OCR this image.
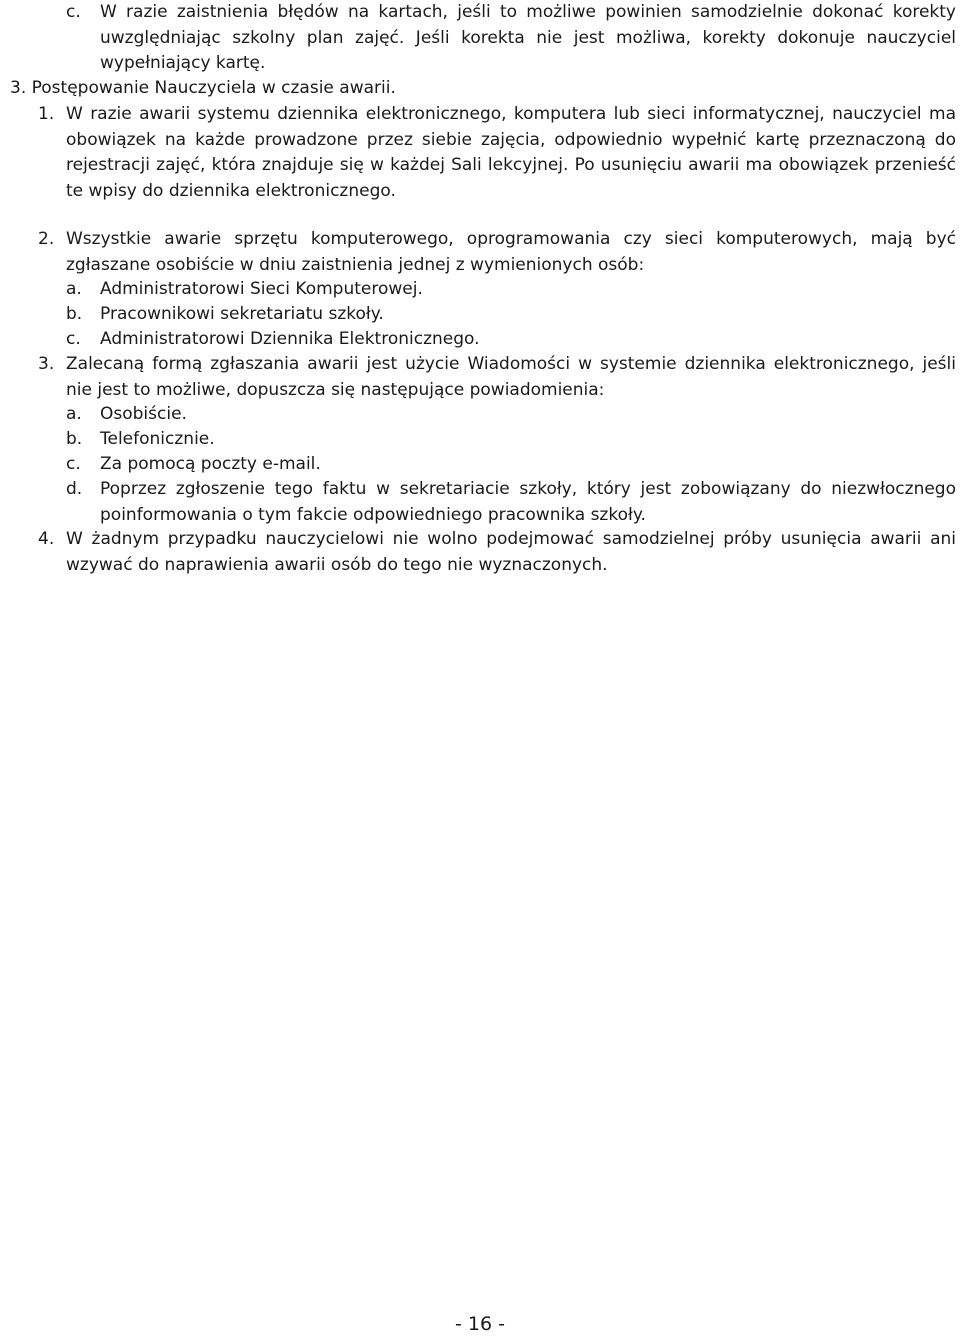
c. W razie zaistnienia błędów na kartach, jeśli to możliwe powinien samodzielnie dokonać korekty uwzględniając szkolny plan zajęć. Jeśli korekta nie jest możliwa, korekty dokonuje nauczyciel wypełniający kartę.
3. Postępowanie Nauczyciela w czasie awarii.
1. W razie awarii systemu dziennika elektronicznego, komputera lub sieci informatycznej, nauczyciel ma obowiązek na każde prowadzone przez siebie zajęcia, odpowiednio wypełnić kartę przeznaczoną do rejestracji zajęć, która znajduje się w każdej Sali lekcyjnej. Po usunięciu awarii ma obowiązek przenieść te wpisy do dziennika elektronicznego.
2. Wszystkie awarie sprzętu komputerowego, oprogramowania czy sieci komputerowych, mają być zgłaszane osobiście w dniu zaistnienia jednej z wymienionych osób:
a. Administratorowi Sieci Komputerowej.
b. Pracownikowi sekretariatu szkoły.
c. Administratorowi Dziennika Elektronicznego.
3. Zalecaną formą zgłaszania awarii jest użycie Wiadomości w systemie dziennika elektronicznego, jeśli nie jest to możliwe, dopuszcza się następujące powiadomienia:
a. Osobiście.
b. Telefonicznie.
c. Za pomocą poczty e-mail.
d. Poprzez zgłoszenie tego faktu w sekretariacie szkoły, który jest zobowiązany do niezwłocznego poinformowania o tym fakcie odpowiedniego pracownika szkoły.
4. W żadnym przypadku nauczycielowi nie wolno podejmować samodzielnej próby usunięcia awarii ani wzywać do naprawienia awarii osób do tego nie wyznaczonych.
- 16 -
